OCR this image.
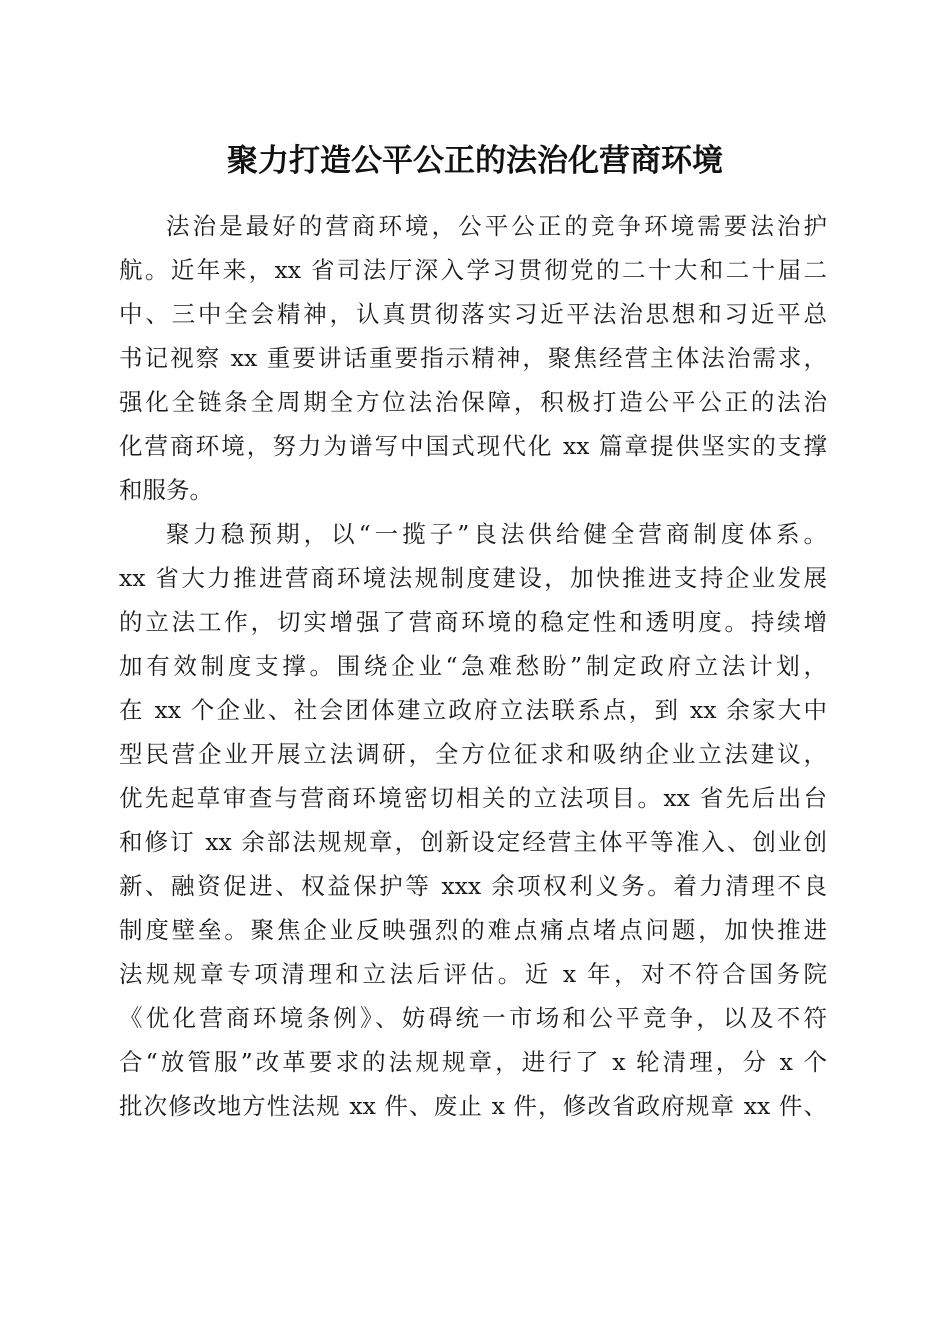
聚力打造公平公正的法治化营商环境
法治是最好的营商环境，公平公正的竞争环境需要法治护
航。近年来，xx 省司法厅深入学习贯彻党的二十大和二十届二
中、三中全会精神，认真贯彻落实习近平法治思想和习近平总
书记视察 xx 重要讲话重要指示精神，聚焦经营主体法治需求，
强化全链条全周期全方位法治保障，积极打造公平公正的法治
化营商环境，努力为谱写中国式现代化 xx 篇章提供坚实的支撑
和服务。
聚力稳预期，以“一揽子”良法供给健全营商制度体系。
xx 省大力推进营商环境法规制度建设，加快推进支持企业发展
的立法工作，切实增强了营商环境的稳定性和透明度。持续增
加有效制度支撑。围绕企业“急难愁盼”制定政府立法计划，
在 xx 个企业、社会团体建立政府立法联系点，到 xx 余家大中
型民营企业开展立法调研，全方位征求和吸纳企业立法建议，
优先起草审查与营商环境密切相关的立法项目。xx 省先后出台
和修订 xx 余部法规规章，创新设定经营主体平等准入、创业创
新、融资促进、权益保护等 xxx 余项权利义务。着力清理不良
制度壁垒。聚焦企业反映强烈的难点痛点堵点问题，加快推进
法规规章专项清理和立法后评估。近 x 年，对不符合国务院
《优化营商环境条例》、妨碍统一市场和公平竞争，以及不符
合“放管服”改革要求的法规规章，进行了 x 轮清理，分 x 个
批次修改地方性法规 xx 件、废止 x 件，修改省政府规章 xx 件、
